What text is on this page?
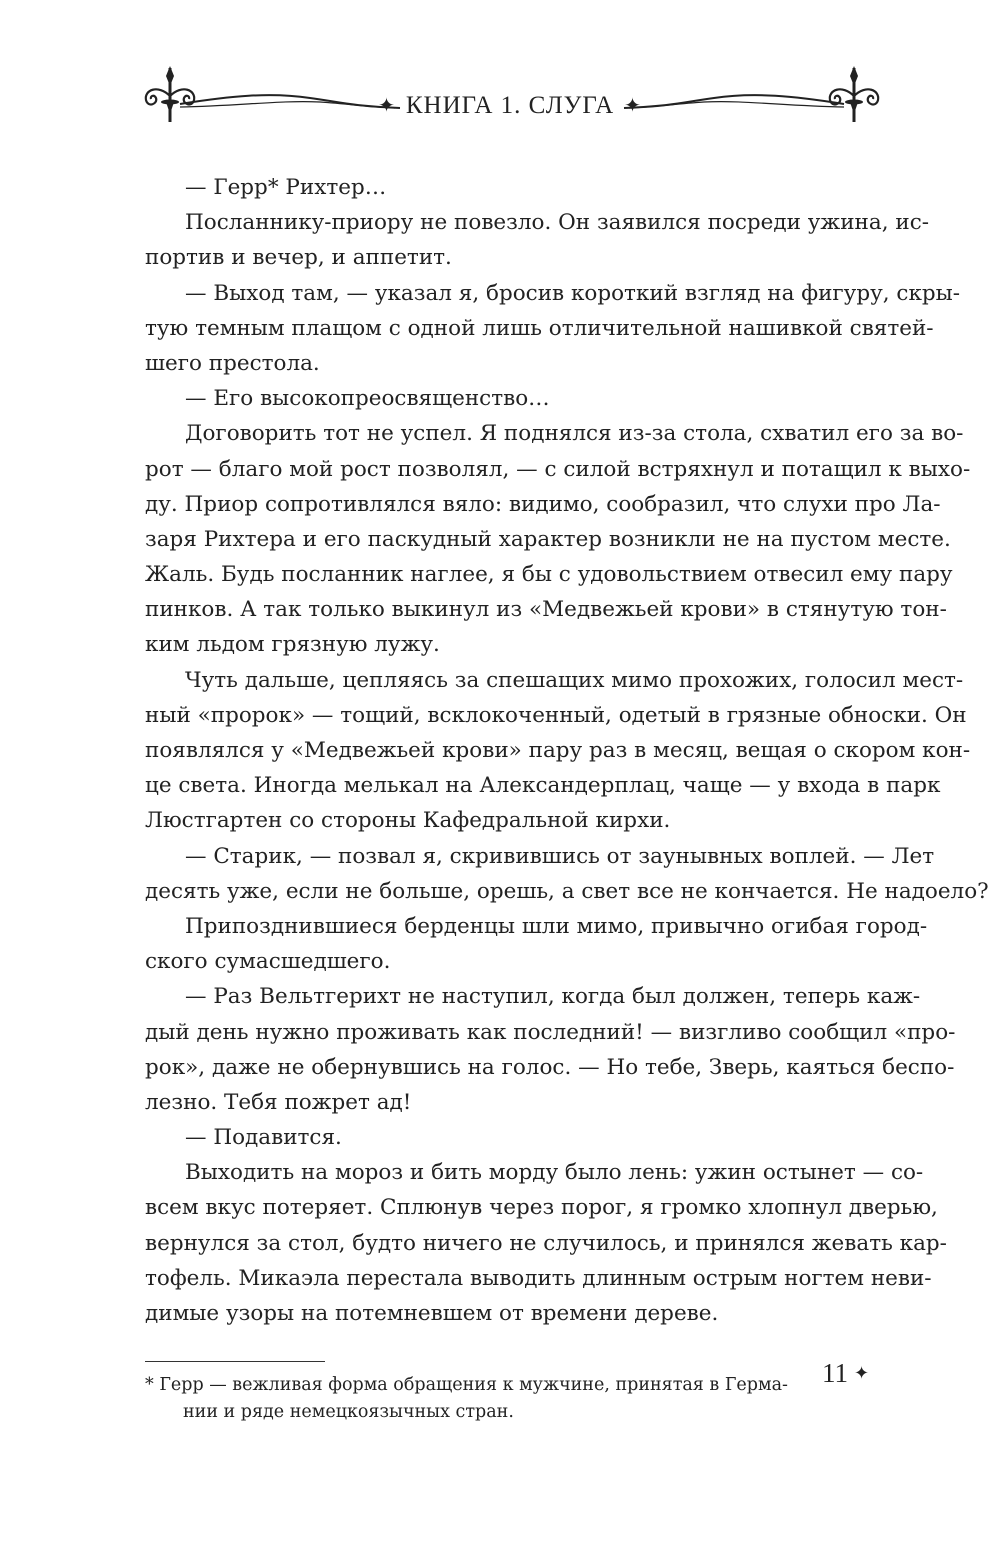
✦ КНИГА 1. СЛУГА ✦
— Герр* Рихтер…
Посланнику-приору не повезло. Он заявился посреди ужина, ис-
портив и вечер, и аппетит.
— Выход там, — указал я, бросив короткий взгляд на фигуру, скры-
тую темным плащом с одной лишь отличительной нашивкой святей-
шего престола.
— Его высокопреосвященство…
Договорить тот не успел. Я поднялся из-за стола, схватил его за во-
рот — благо мой рост позволял, — с силой встряхнул и потащил к выхо-
ду. Приор сопротивлялся вяло: видимо, сообразил, что слухи про Ла-
заря Рихтера и его паскудный характер возникли не на пустом месте.
Жаль. Будь посланник наглее, я бы с удовольствием отвесил ему пару
пинков. А так только выкинул из «Медвежьей крови» в стянутую тон-
ким льдом грязную лужу.
Чуть дальше, цепляясь за спешащих мимо прохожих, голосил мест-
ный «пророк» — тощий, всклокоченный, одетый в грязные обноски. Он
появлялся у «Медвежьей крови» пару раз в месяц, вещая о скором кон-
це света. Иногда мелькал на Александерплац, чаще — у входа в парк
Люстгартен со стороны Кафедральной кирхи.
— Старик, — позвал я, скривившись от заунывных воплей. — Лет
десять уже, если не больше, орешь, а свет все не кончается. Не надоело?
Припозднившиеся берденцы шли мимо, привычно огибая город-
ского сумасшедшего.
— Раз Вельтгерихт не наступил, когда был должен, теперь каж-
дый день нужно проживать как последний! — визгливо сообщил «про-
рок», даже не обернувшись на голос. — Но тебе, Зверь, каяться беспо-
лезно. Тебя пожрет ад!
— Подавится.
Выходить на мороз и бить морду было лень: ужин остынет — со-
всем вкус потеряет. Сплюнув через порог, я громко хлопнул дверью,
вернулся за стол, будто ничего не случилось, и принялся жевать кар-
тофель. Микаэла перестала выводить длинным острым ногтем неви-
димые узоры на потемневшем от времени дереве.
* Герр — вежливая форма обращения к мужчине, принятая в Герма-
нии и ряде немецкоязычных стран.
11 ✦
